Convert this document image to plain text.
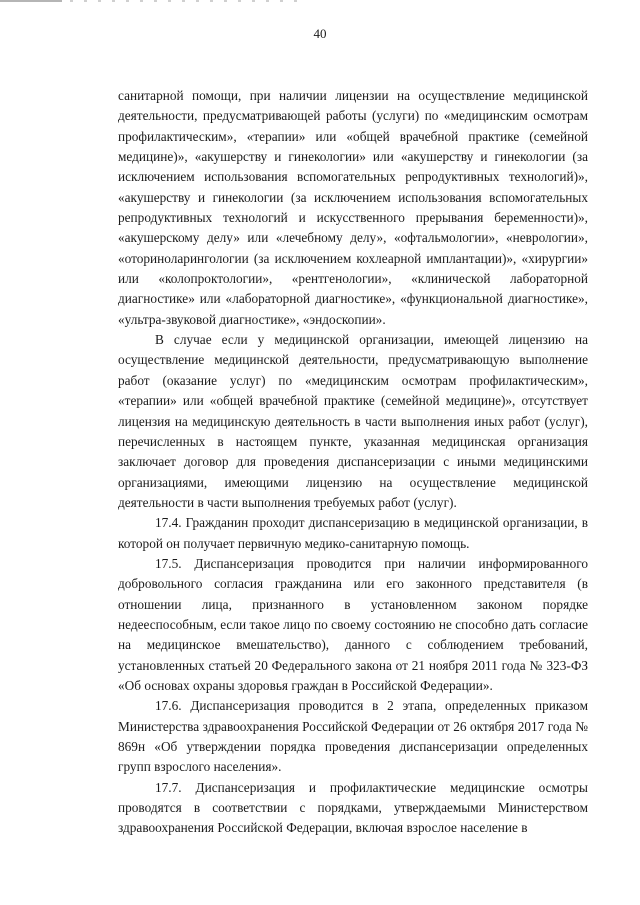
40

санитарной помощи, при наличии лицензии на осуществление медицинской деятельности, предусматривающей работы (услуги) по «медицинским осмотрам профилактическим», «терапии» или «общей врачебной практике (семейной медицине)», «акушерству и гинекологии» или «акушерству и гинекологии (за исключением использования вспомогательных репродуктивных технологий)», «акушерству и гинекологии (за исключением использования вспомогательных репродуктивных технологий и искусственного прерывания беременности)», «акушерскому делу» или «лечебному делу», «офтальмологии», «неврологии», «оториноларингологии (за исключением кохлеарной имплантации)», «хирургии» или «колопроктологии», «рентгенологии», «клинической лабораторной диагностике» или «лабораторной диагностике», «функциональной диагностике», «ультра-звуковой диагностике», «эндоскопии».

В случае если у медицинской организации, имеющей лицензию на осуществление медицинской деятельности, предусматривающую выполнение работ (оказание услуг) по «медицинским осмотрам профилактическим», «терапии» или «общей врачебной практике (семейной медицине)», отсутствует лицензия на медицинскую деятельность в части выполнения иных работ (услуг), перечисленных в настоящем пункте, указанная медицинская организация заключает договор для проведения диспансеризации с иными медицинскими организациями, имеющими лицензию на осуществление медицинской деятельности в части выполнения требуемых работ (услуг).

17.4. Гражданин проходит диспансеризацию в медицинской организации, в которой он получает первичную медико-санитарную помощь.

17.5. Диспансеризация проводится при наличии информированного добровольного согласия гражданина или его законного представителя (в отношении лица, признанного в установленном законом порядке недееспособным, если такое лицо по своему состоянию не способно дать согласие на медицинское вмешательство), данного с соблюдением требований, установленных статьей 20 Федерального закона от 21 ноября 2011 года № 323-ФЗ «Об основах охраны здоровья граждан в Российской Федерации».

17.6. Диспансеризация проводится в 2 этапа, определенных приказом Министерства здравоохранения Российской Федерации от 26 октября 2017 года № 869н «Об утверждении порядка проведения диспансеризации определенных групп взрослого населения».

17.7. Диспансеризация и профилактические медицинские осмотры проводятся в соответствии с порядками, утверждаемыми Министерством здравоохранения Российской Федерации, включая взрослое население в
